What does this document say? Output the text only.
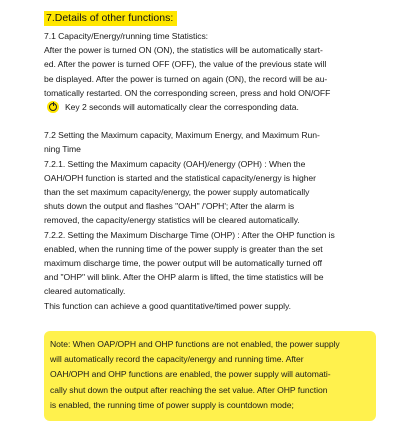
7.Details of other functions:

7.1 Capacity/Energy/running time Statistics:

After the power is turned ON (ON), the statistics will be automatically start-

ed. After the power is turned OFF (OFF), the value of the previous state will

be displayed. After the power is turned on again (ON), the record will be au-

tomatically restarted. ON the corresponding screen, press and hold ON/OFF

Key 2 seconds will automatically clear the corresponding data.

7.2 Setting the Maximum capacity, Maximum Energy, and Maximum Run-

ning Time

7.2.1. Setting the Maximum capacity (OAH)/energy (OPH) : When the

OAH/OPH function is started and the statistical capacity/energy is higher

than the set maximum capacity/energy, the power supply automatically

shuts down the output and flashes "OAH" /'OPH'; After the alarm is

removed, the capacity/energy statistics will be cleared automatically.

7.2.2. Setting the Maximum Discharge Time (OHP) : After the OHP function is

enabled, when the running time of the power supply is greater than the set

maximum discharge time, the power output will be automatically turned off

and "OHP" will blink. After the OHP alarm is lifted, the time statistics will be

cleared automatically.

This function can achieve a good quantitative/timed power supply.

Note: When OAP/OPH and OHP functions are not enabled, the power supply

will automatically record the capacity/energy and running time. After

OAH/OPH and OHP functions are enabled, the power supply will automati-

cally shut down the output after reaching the set value. After OHP function

is enabled, the running time of power supply is countdown mode;
